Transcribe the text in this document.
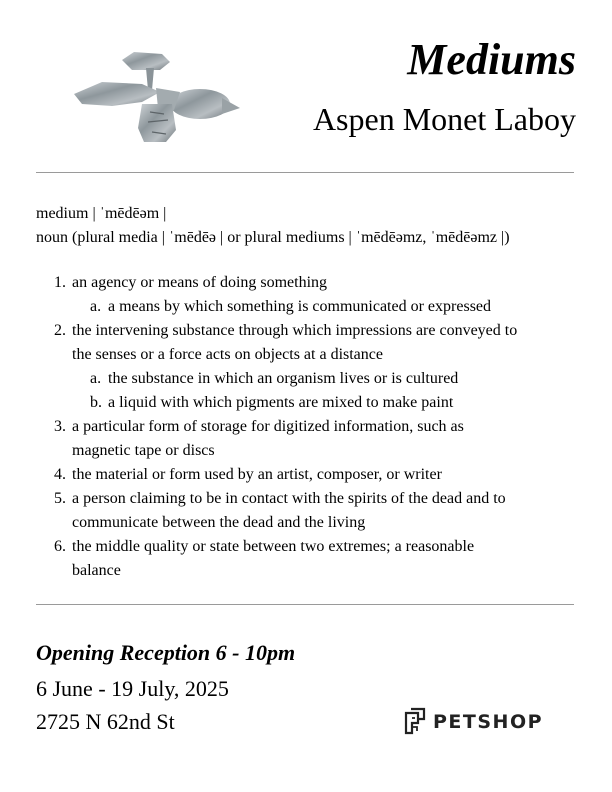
Mediums
Aspen Monet Laboy

medium | ˈmēdēəm |

noun (plural media | ˈmēdēə | or plural mediums | ˈmēdēəmz, ˈmēdēəmz |)

1. an agency or means of doing something
a. a means by which something is communicated or expressed
2. the intervening substance through which impressions are conveyed to
the senses or a force acts on objects at a distance
a. the substance in which an organism lives or is cultured
b. a liquid with which pigments are mixed to make paint
3. a particular form of storage for digitized information, such as
magnetic tape or discs
4. the material or form used by an artist, composer, or writer
5. a person claiming to be in contact with the spirits of the dead and to
communicate between the dead and the living
6. the middle quality or state between two extremes; a reasonable
balance

Opening Reception 6 - 10pm

6 June - 19 July, 2025

2725 N 62nd St	PETSHOP
